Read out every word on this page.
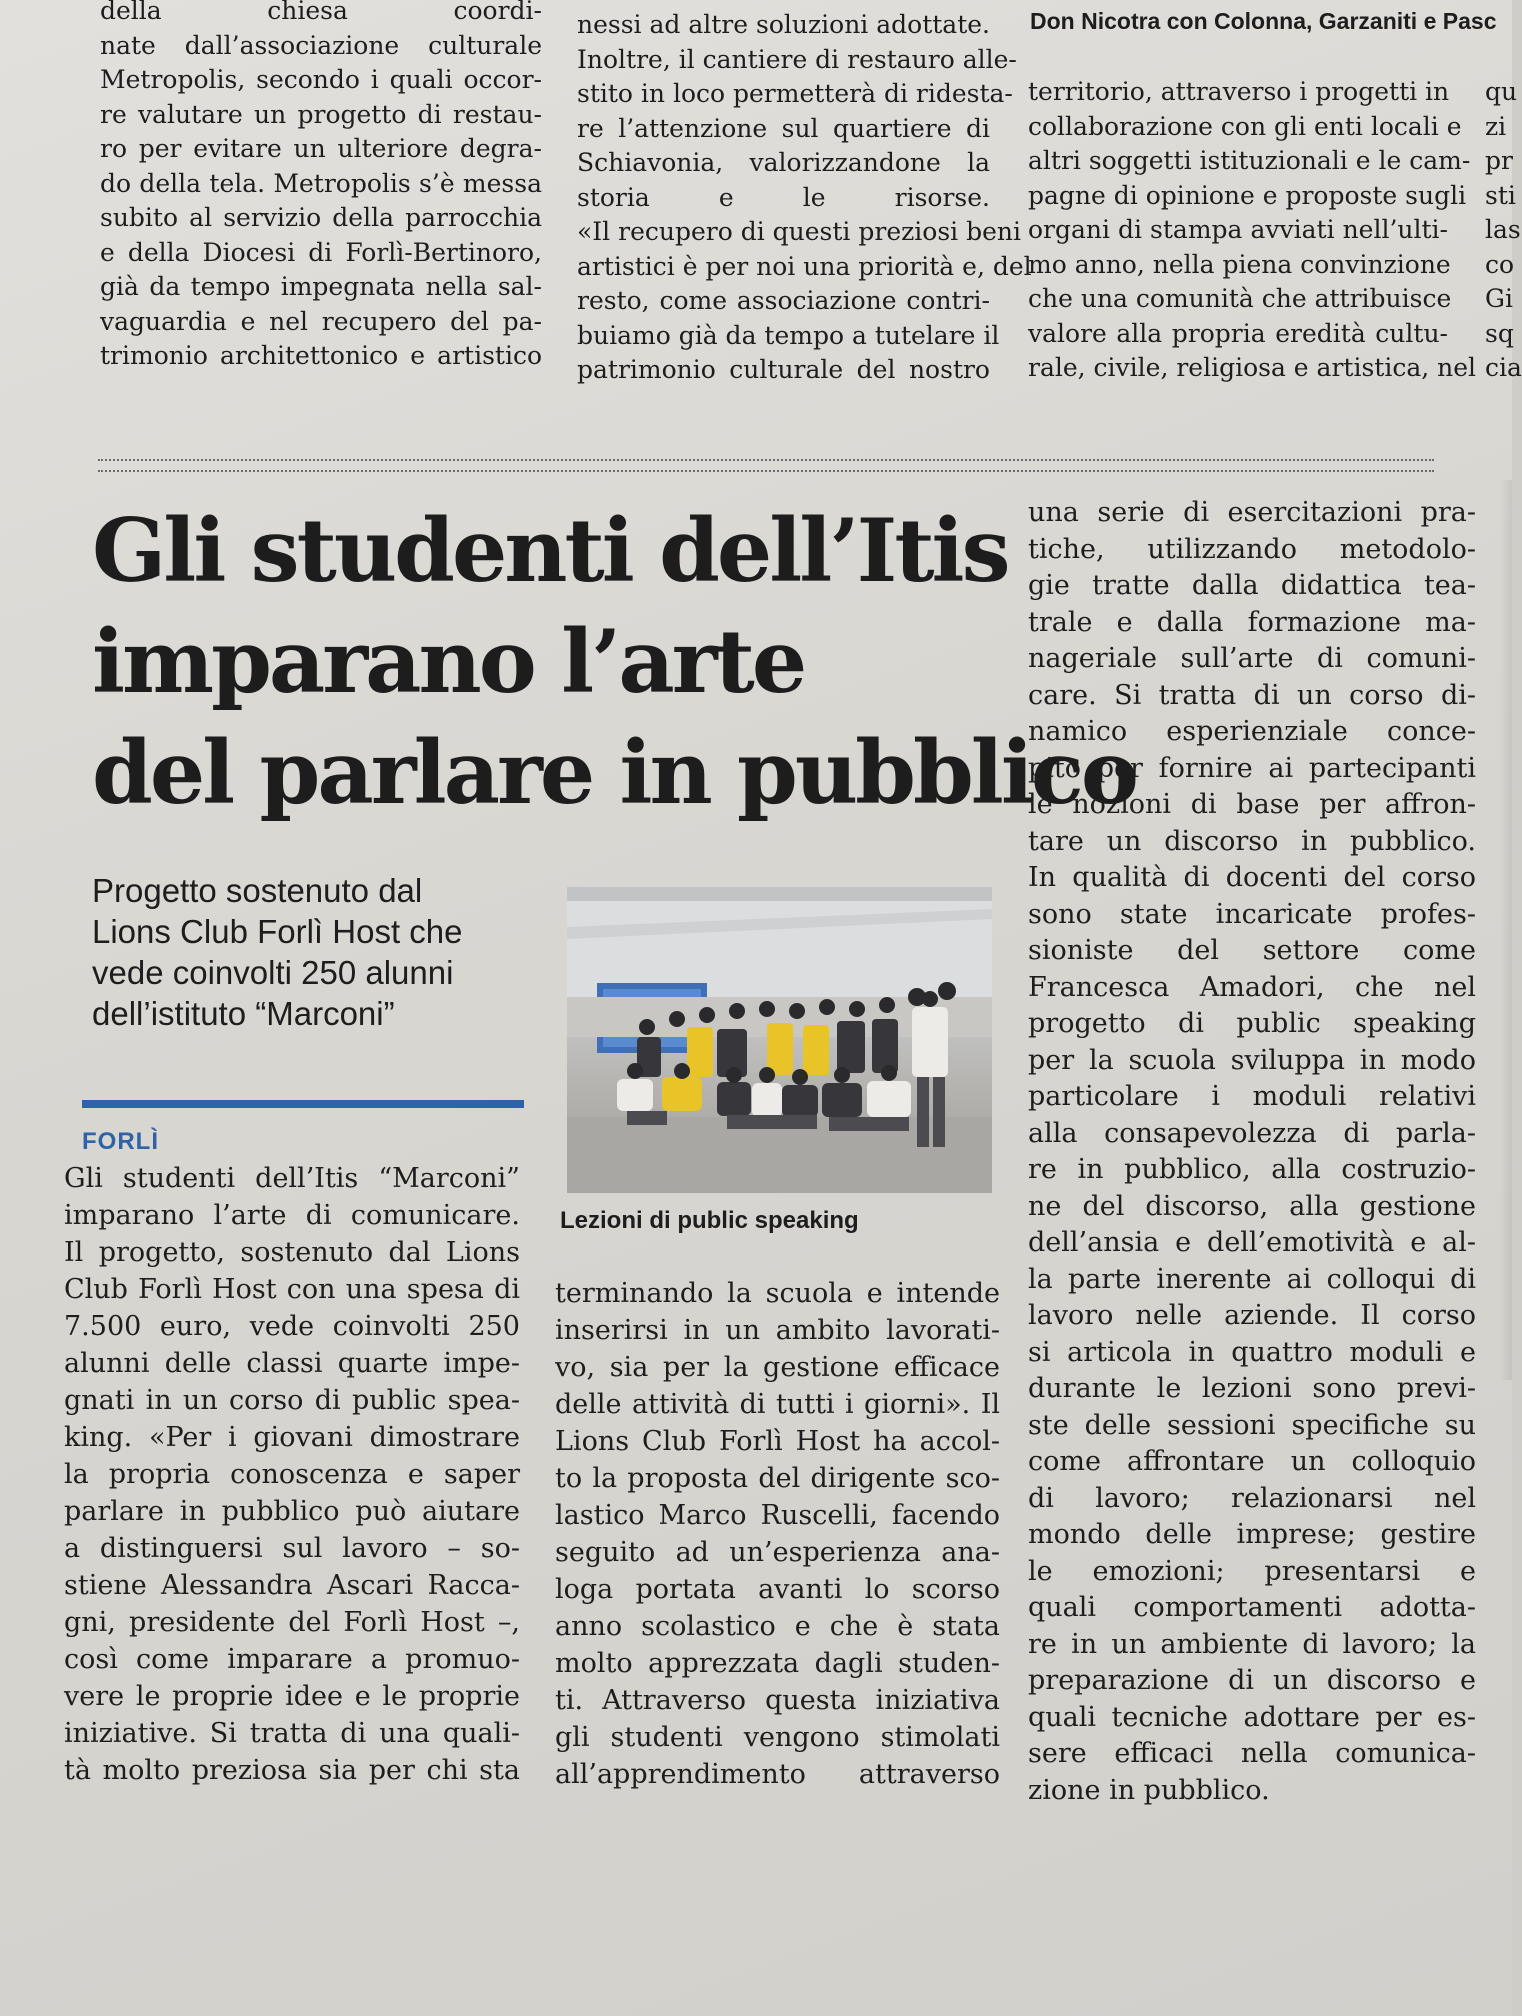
della chiesa coordi-
nate dall’associazione culturale
Metropolis, secondo i quali occor-
re valutare un progetto di restau-
ro per evitare un ulteriore degra-
do della tela. Metropolis s’è messa
subito al servizio della parrocchia
e della Diocesi di Forlì-Bertinoro,
già da tempo impegnata nella sal-
vaguardia e nel recupero del pa-
trimonio architettonico e artistico
nessi ad altre soluzioni adottate.
Inoltre, il cantiere di restauro alle-
stito in loco permetterà di ridesta-
re l’attenzione sul quartiere di
Schiavonia, valorizzandone la
storia e le risorse.
«Il recupero di questi preziosi beni
artistici è per noi una priorità e, del
resto, come associazione contri-
buiamo già da tempo a tutelare il
patrimonio culturale del nostro
Don Nicotra con Colonna, Garzaniti e Pasc
territorio, attraverso i progetti in
collaborazione con gli enti locali e
altri soggetti istituzionali e le cam-
pagne di opinione e proposte sugli
organi di stampa avviati nell’ulti-
mo anno, nella piena convinzione
che una comunità che attribuisce
valore alla propria eredità cultu-
rale, civile, religiosa e artistica, nel
qu
zi
pr
sti
las
co
Gi
sq
cia
Gli studenti dell’Itis
imparano l’arte
del parlare in pubblico
Progetto sostenuto dal
Lions Club Forlì Host che
vede coinvolti 250 alunni
dell’istituto “Marconi”
FORLÌ
Gli studenti dell’Itis “Marconi”
imparano l’arte di comunicare.
Il progetto, sostenuto dal Lions
Club Forlì Host con una spesa di
7.500 euro, vede coinvolti 250
alunni delle classi quarte impe-
gnati in un corso di public spea-
king. «Per i giovani dimostrare
la propria conoscenza e saper
parlare in pubblico può aiutare
a distinguersi sul lavoro – so-
stiene Alessandra Ascari Racca-
gni, presidente del Forlì Host –,
così come imparare a promuo-
vere le proprie idee e le proprie
iniziative. Si tratta di una quali-
tà molto preziosa sia per chi sta
terminando la scuola e intende
inserirsi in un ambito lavorati-
vo, sia per la gestione efficace
delle attività di tutti i giorni». Il
Lions Club Forlì Host ha accol-
to la proposta del dirigente sco-
lastico Marco Ruscelli, facendo
seguito ad un’esperienza ana-
loga portata avanti lo scorso
anno scolastico e che è stata
molto apprezzata dagli studen-
ti. Attraverso questa iniziativa
gli studenti vengono stimolati
all’apprendimento attraverso
una serie di esercitazioni pra-
tiche, utilizzando metodolo-
gie tratte dalla didattica tea-
trale e dalla formazione ma-
nageriale sull’arte di comuni-
care. Si tratta di un corso di-
namico esperienziale conce-
pito per fornire ai partecipanti
le nozioni di base per affron-
tare un discorso in pubblico.
In qualità di docenti del corso
sono state incaricate profes-
sioniste del settore come
Francesca Amadori, che nel
progetto di public speaking
per la scuola sviluppa in modo
particolare i moduli relativi
alla consapevolezza di parla-
re in pubblico, alla costruzio-
ne del discorso, alla gestione
dell’ansia e dell’emotività e al-
la parte inerente ai colloqui di
lavoro nelle aziende. Il corso
si articola in quattro moduli e
durante le lezioni sono previ-
ste delle sessioni specifiche su
come affrontare un colloquio
di lavoro; relazionarsi nel
mondo delle imprese; gestire
le emozioni; presentarsi e
quali comportamenti adotta-
re in un ambiente di lavoro; la
preparazione di un discorso e
quali tecniche adottare per es-
sere efficaci nella comunica-
zione in pubblico.
Lezioni di public speaking
